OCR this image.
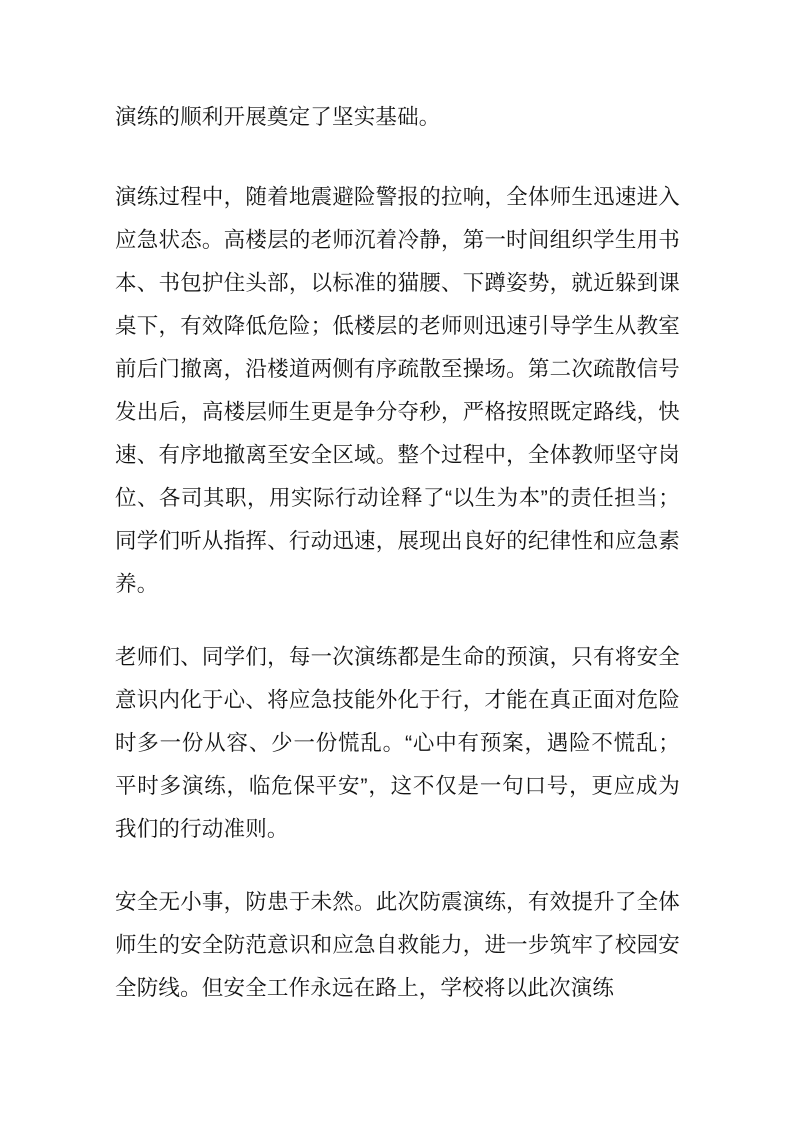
演练的顺利开展奠定了坚实基础。

演练过程中，随着地震避险警报的拉响，全体师生迅速进入应急状态。高楼层的老师沉着冷静，第一时间组织学生用书本、书包护住头部，以标准的猫腰、下蹲姿势，就近躲到课桌下，有效降低危险；低楼层的老师则迅速引导学生从教室前后门撤离，沿楼道两侧有序疏散至操场。第二次疏散信号发出后，高楼层师生更是争分夺秒，严格按照既定路线，快速、有序地撤离至安全区域。整个过程中，全体教师坚守岗位、各司其职，用实际行动诠释了“以生为本”的责任担当；同学们听从指挥、行动迅速，展现出良好的纪律性和应急素养。

老师们、同学们，每一次演练都是生命的预演，只有将安全意识内化于心、将应急技能外化于行，才能在真正面对危险时多一份从容、少一份慌乱。“心中有预案，遇险不慌乱；平时多演练，临危保平安”，这不仅是一句口号，更应成为我们的行动准则。

安全无小事，防患于未然。此次防震演练，有效提升了全体师生的安全防范意识和应急自救能力，进一步筑牢了校园安全防线。但安全工作永远在路上，学校将以此次演练
